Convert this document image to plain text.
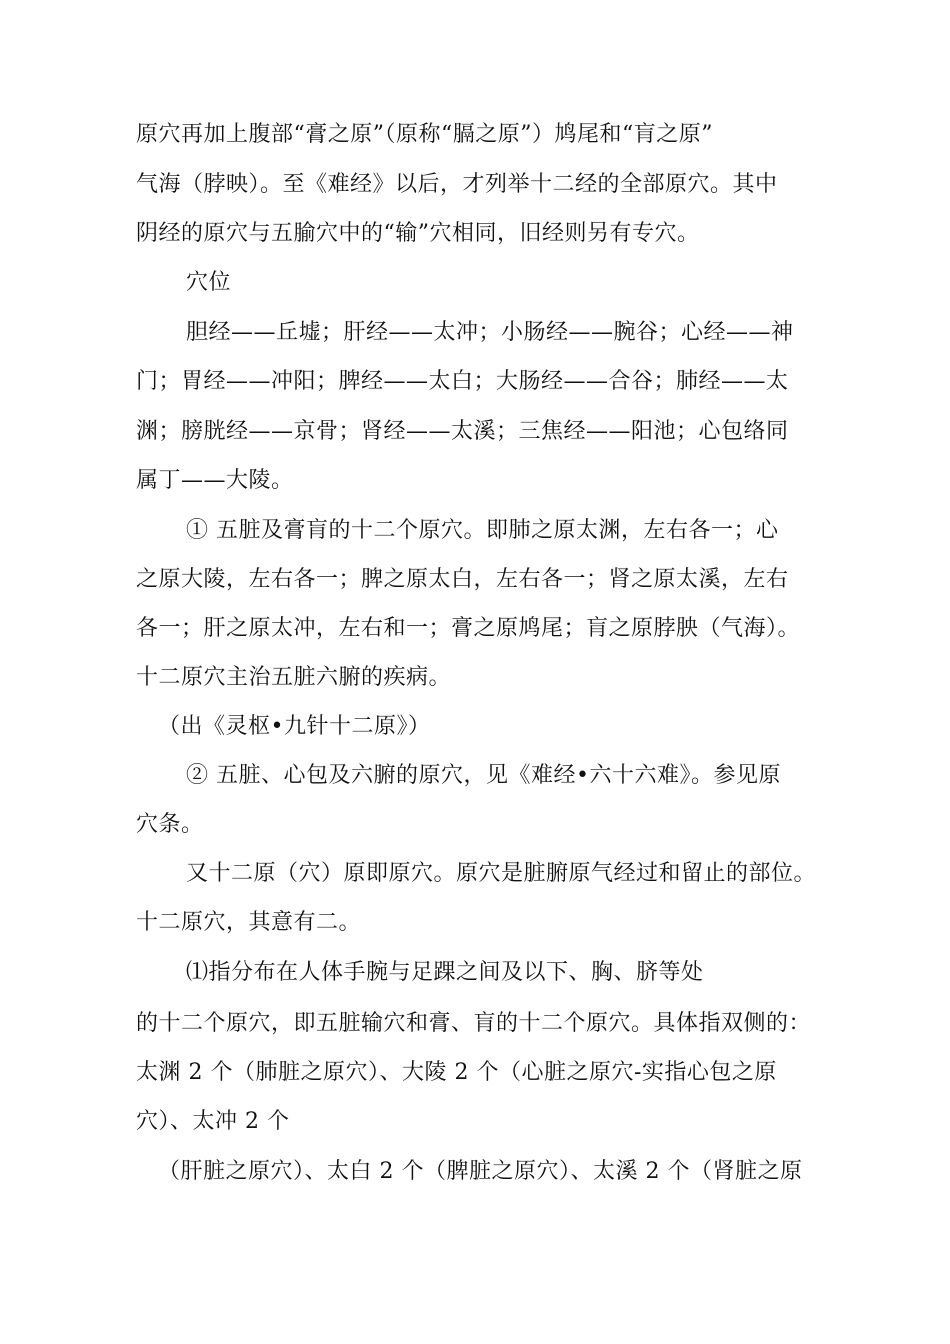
原穴再加上腹部“膏之原”（原称“膈之原”）鸠尾和“肓之原”
气海（脖映）。至《难经》以后，才列举十二经的全部原穴。其中
阴经的原穴与五腧穴中的“输”穴相同，旧经则另有专穴。
穴位
胆经——丘墟；肝经——太冲；小肠经——腕谷；心经——神
门；胃经——冲阳；脾经——太白；大肠经——合谷；肺经——太
渊；膀胱经——京骨；肾经——太溪；三焦经——阳池；心包络同
属丁——大陵。
① 五脏及膏肓的十二个原穴。即肺之原太渊，左右各一；心
之原大陵，左右各一；脾之原太白，左右各一；肾之原太溪，左右
各一；肝之原太冲，左右和一；膏之原鸠尾；肓之原脖胦（气海）。
十二原穴主治五脏六腑的疾病。
（出《灵枢•九针十二原》）
② 五脏、心包及六腑的原穴，见《难经•六十六难》。参见原
穴条。
又十二原（穴）原即原穴。原穴是脏腑原气经过和留止的部位。
十二原穴，其意有二。
⑴指分布在人体手腕与足踝之间及以下、胸、脐等处
的十二个原穴，即五脏输穴和膏、肓的十二个原穴。具体指双侧的：
太渊 2 个（肺脏之原穴）、大陵 2 个（心脏之原穴-实指心包之原
穴）、太冲 2 个
（肝脏之原穴）、太白 2 个（脾脏之原穴）、太溪 2 个（肾脏之原
